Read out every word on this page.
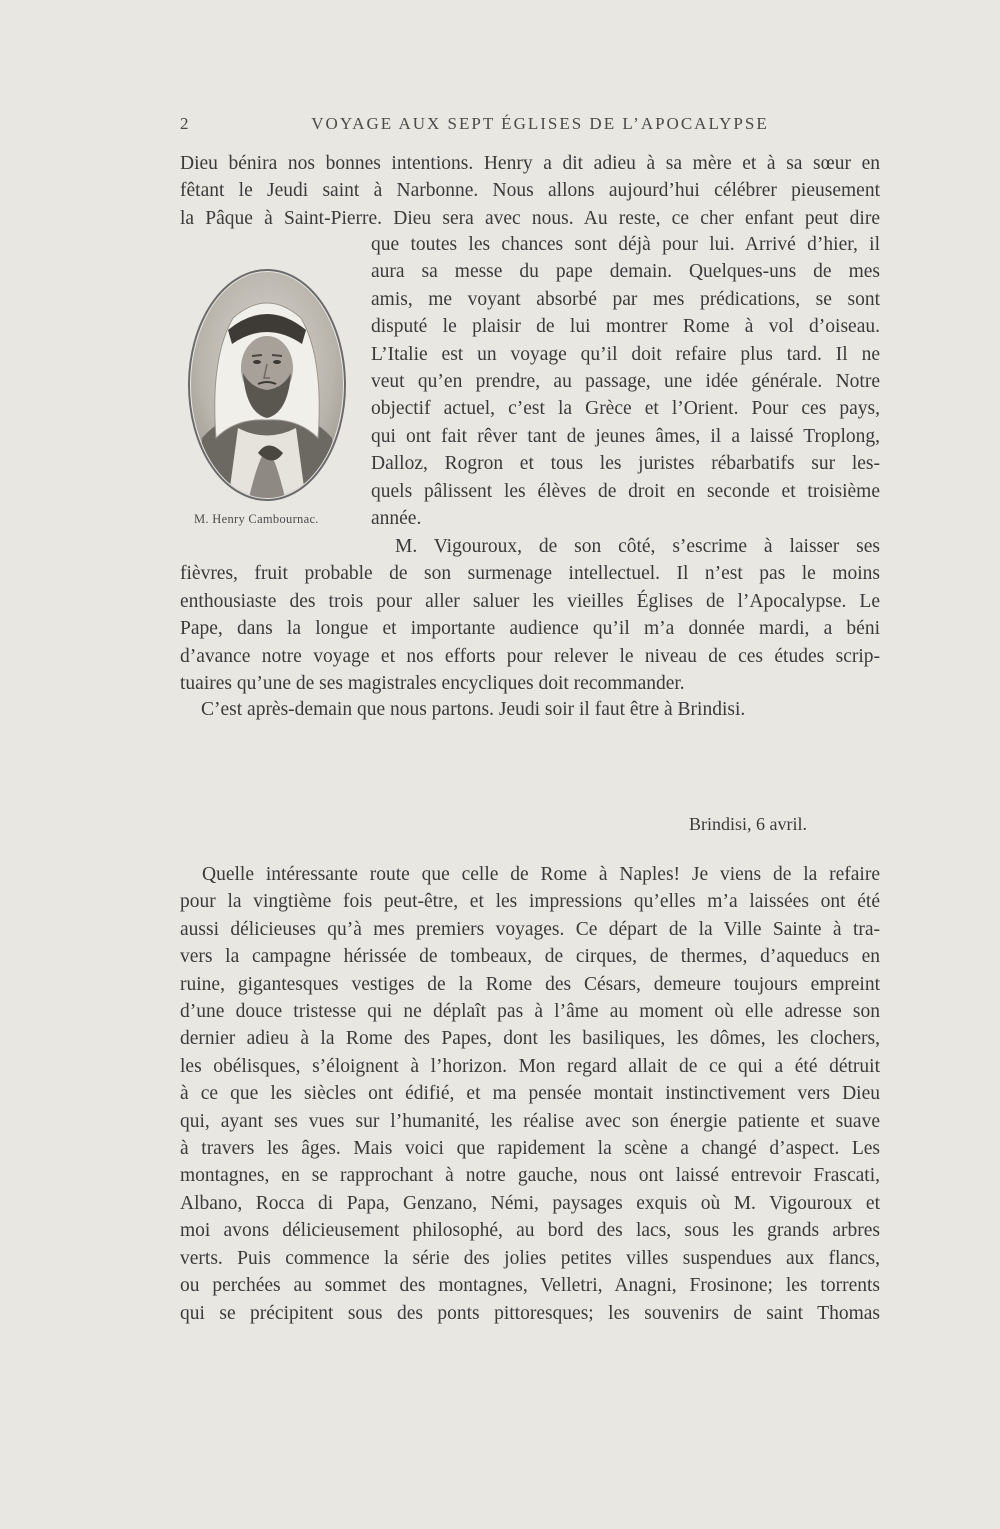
2	VOYAGE AUX SEPT ÉGLISES DE L’APOCALYPSE
Dieu bénira nos bonnes intentions. Henry a dit adieu à sa mère et à sa sœur en
fêtant le Jeudi saint à Narbonne. Nous allons aujourd’hui célébrer pieusement
la Pâque à Saint-Pierre. Dieu sera avec nous. Au reste, ce cher enfant peut dire
M. Henry Cambournac.
que toutes les chances sont déjà pour lui. Arrivé d’hier, il
aura sa messe du pape demain. Quelques-uns de mes
amis, me voyant absorbé par mes prédications, se sont
disputé le plaisir de lui montrer Rome à vol d’oiseau.
L’Italie est un voyage qu’il doit refaire plus tard. Il ne
veut qu’en prendre, au passage, une idée générale. Notre
objectif actuel, c’est la Grèce et l’Orient. Pour ces pays,
qui ont fait rêver tant de jeunes âmes, il a laissé Troplong,
Dalloz, Rogron et tous les juristes rébarbatifs sur les-
quels pâlissent les élèves de droit en seconde et troisième
année.
M. Vigouroux, de son côté, s’escrime à laisser ses
fièvres, fruit probable de son surmenage intellectuel. Il n’est pas le moins
enthousiaste des trois pour aller saluer les vieilles Églises de l’Apocalypse. Le
Pape, dans la longue et importante audience qu’il m’a donnée mardi, a béni
d’avance notre voyage et nos efforts pour relever le niveau de ces études scrip-
tuaires qu’une de ses magistrales encycliques doit recommander.
C’est après-demain que nous partons. Jeudi soir il faut être à Brindisi.
Brindisi, 6 avril.
Quelle intéressante route que celle de Rome à Naples! Je viens de la refaire
pour la vingtième fois peut-être, et les impressions qu’elles m’a laissées ont été
aussi délicieuses qu’à mes premiers voyages. Ce départ de la Ville Sainte à tra-
vers la campagne hérissée de tombeaux, de cirques, de thermes, d’aqueducs en
ruine, gigantesques vestiges de la Rome des Césars, demeure toujours empreint
d’une douce tristesse qui ne déplaît pas à l’âme au moment où elle adresse son
dernier adieu à la Rome des Papes, dont les basiliques, les dômes, les clochers,
les obélisques, s’éloignent à l’horizon. Mon regard allait de ce qui a été détruit
à ce que les siècles ont édifié, et ma pensée montait instinctivement vers Dieu
qui, ayant ses vues sur l’humanité, les réalise avec son énergie patiente et suave
à travers les âges. Mais voici que rapidement la scène a changé d’aspect. Les
montagnes, en se rapprochant à notre gauche, nous ont laissé entrevoir Frascati,
Albano, Rocca di Papa, Genzano, Némi, paysages exquis où M. Vigouroux et
moi avons délicieusement philosophé, au bord des lacs, sous les grands arbres
verts. Puis commence la série des jolies petites villes suspendues aux flancs,
ou perchées au sommet des montagnes, Velletri, Anagni, Frosinone; les torrents
qui se précipitent sous des ponts pittoresques; les souvenirs de saint Thomas
